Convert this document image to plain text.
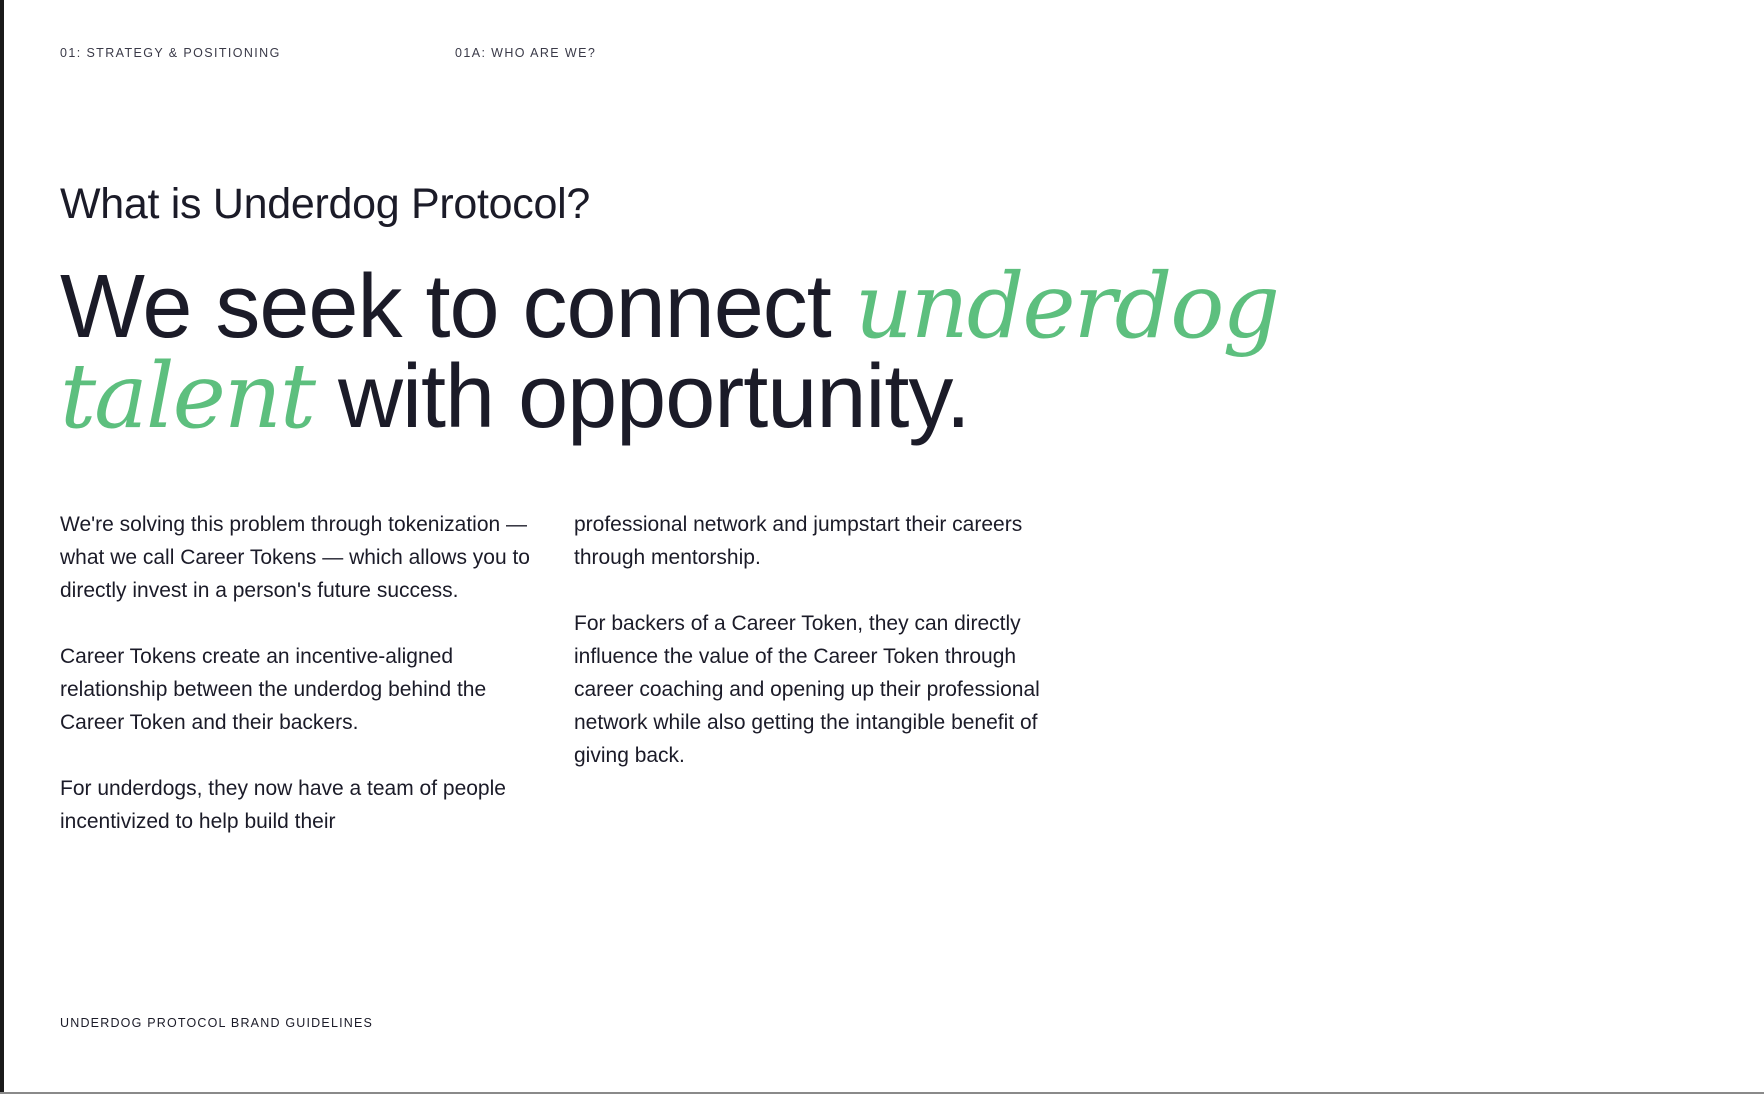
01: STRATEGY & POSITIONING	01A: WHO ARE WE?
What is Underdog Protocol?
We seek to connect underdog
talent with opportunity.

We're solving this problem through tokenization — what we call Career Tokens — which allows you to directly invest in a person's future success.

Career Tokens create an incentive-aligned relationship between the underdog behind the Career Token and their backers.

For underdogs, they now have a team of people incentivized to help build their

professional network and jumpstart their careers through mentorship.

For backers of a Career Token, they can directly influence the value of the Career Token through career coaching and opening up their professional network while also getting the intangible benefit of giving back.

UNDERDOG PROTOCOL BRAND GUIDELINES
